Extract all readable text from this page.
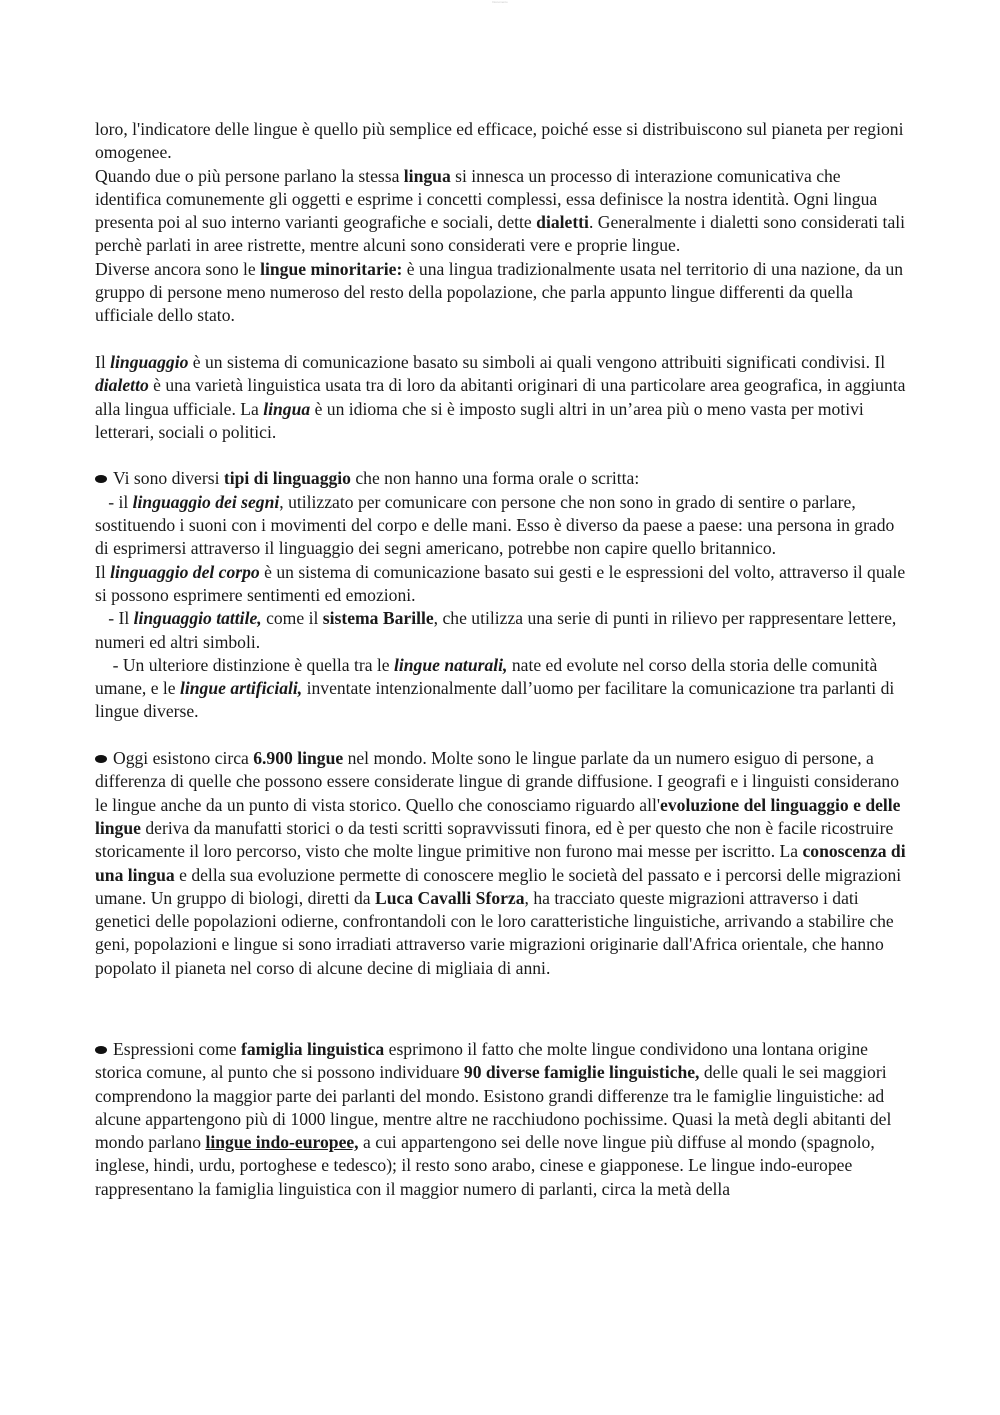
Documento

loro, l'indicatore delle lingue è quello più semplice ed efficace, poiché esse si distribuiscono sul pianeta per regioni omogenee.

Quando due o più persone parlano la stessa lingua si innesca un processo di interazione comunicativa che identifica comunemente gli oggetti e esprime i concetti complessi, essa definisce la nostra identità. Ogni lingua presenta poi al suo interno varianti geografiche e sociali, dette dialetti. Generalmente i dialetti sono considerati tali perchè parlati in aree ristrette, mentre alcuni sono considerati vere e proprie lingue.

Diverse ancora sono le lingue minoritarie: è una lingua tradizionalmente usata nel territorio di una nazione, da un gruppo di persone meno numeroso del resto della popolazione, che parla appunto lingue differenti da quella ufficiale dello stato.

Il linguaggio è un sistema di comunicazione basato su simboli ai quali vengono attribuiti significati condivisi. Il dialetto è una varietà linguistica usata tra di loro da abitanti originari di una particolare area geografica, in aggiunta alla lingua ufficiale. La lingua è un idioma che si è imposto sugli altri in un’area più o meno vasta per motivi letterari, sociali o politici.

Vi sono diversi tipi di linguaggio che non hanno una forma orale o scritta:

- il linguaggio dei segni, utilizzato per comunicare con persone che non sono in grado di sentire o parlare, sostituendo i suoni con i movimenti del corpo e delle mani. Esso è diverso da paese a paese: una persona in grado di esprimersi attraverso il linguaggio dei segni americano, potrebbe non capire quello britannico.

Il linguaggio del corpo è un sistema di comunicazione basato sui gesti e le espressioni del volto, attraverso il quale si possono esprimere sentimenti ed emozioni.

- Il linguaggio tattile, come il sistema Barille, che utilizza una serie di punti in rilievo per rappresentare lettere, numeri ed altri simboli.

- Un ulteriore distinzione è quella tra le lingue naturali, nate ed evolute nel corso della storia delle comunità umane, e le lingue artificiali, inventate intenzionalmente dall’uomo per facilitare la comunicazione tra parlanti di lingue diverse.

Oggi esistono circa 6.900 lingue nel mondo. Molte sono le lingue parlate da un numero esiguo di persone, a differenza di quelle che possono essere considerate lingue di grande diffusione. I geografi e i linguisti considerano le lingue anche da un punto di vista storico. Quello che conosciamo riguardo all'evoluzione del linguaggio e delle lingue deriva da manufatti storici o da testi scritti sopravvissuti finora, ed è per questo che non è facile ricostruire storicamente il loro percorso, visto che molte lingue primitive non furono mai messe per iscritto. La conoscenza di una lingua e della sua evoluzione permette di conoscere meglio le società del passato e i percorsi delle migrazioni umane. Un gruppo di biologi, diretti da Luca Cavalli Sforza, ha tracciato queste migrazioni attraverso i dati genetici delle popolazioni odierne, confrontandoli con le loro caratteristiche linguistiche, arrivando a stabilire che geni, popolazioni e lingue si sono irradiati attraverso varie migrazioni originarie dall'Africa orientale, che hanno popolato il pianeta nel corso di alcune decine di migliaia di anni.

Espressioni come famiglia linguistica esprimono il fatto che molte lingue condividono una lontana origine storica comune, al punto che si possono individuare 90 diverse famiglie linguistiche, delle quali le sei maggiori comprendono la maggior parte dei parlanti del mondo. Esistono grandi differenze tra le famiglie linguistiche: ad alcune appartengono più di 1000 lingue, mentre altre ne racchiudono pochissime. Quasi la metà degli abitanti del mondo parlano lingue indo-europee, a cui appartengono sei delle nove lingue più diffuse al mondo (spagnolo, inglese, hindi, urdu, portoghese e tedesco); il resto sono arabo, cinese e giapponese. Le lingue indo-europee rappresentano la famiglia linguistica con il maggior numero di parlanti, circa la metà della
